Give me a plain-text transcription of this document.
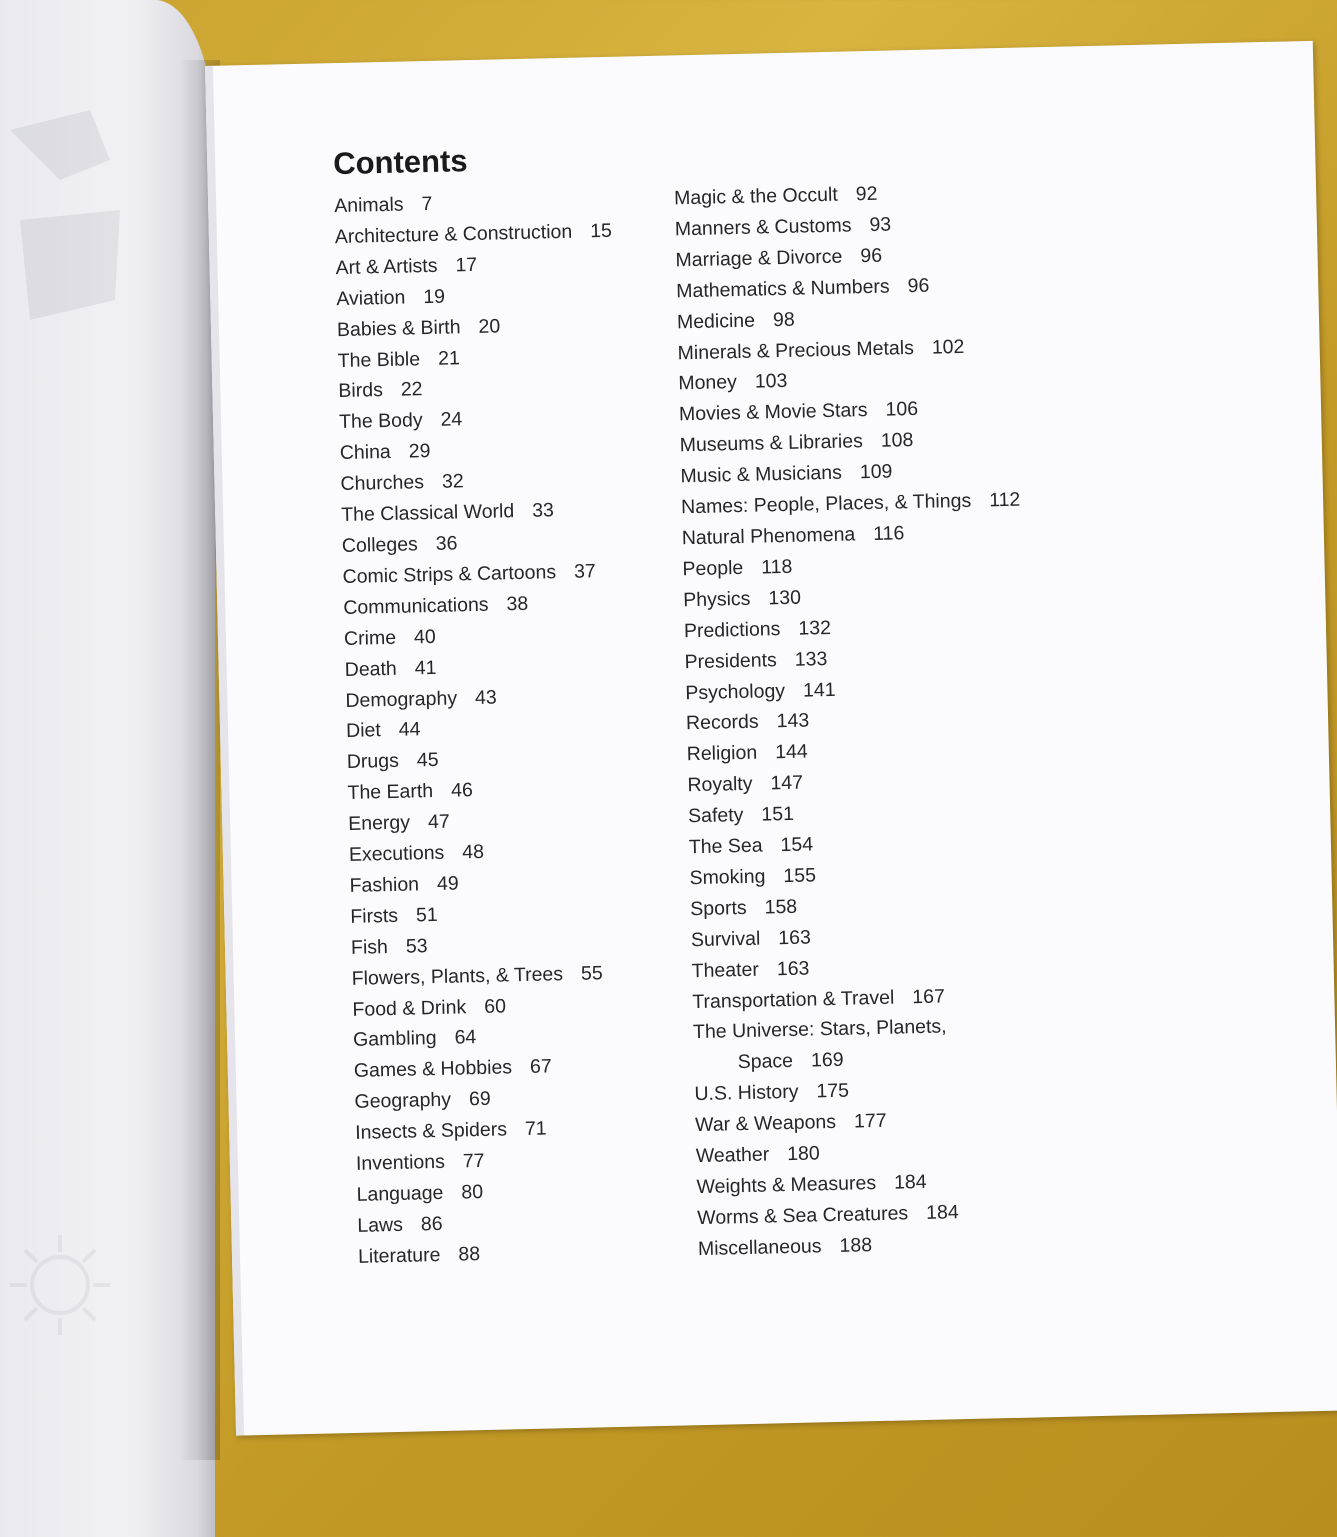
Contents
Animals 7
Architecture & Construction 15
Art & Artists 17
Aviation 19
Babies & Birth 20
The Bible 21
Birds 22
The Body 24
China 29
Churches 32
The Classical World 33
Colleges 36
Comic Strips & Cartoons 37
Communications 38
Crime 40
Death 41
Demography 43
Diet 44
Drugs 45
The Earth 46
Energy 47
Executions 48
Fashion 49
Firsts 51
Fish 53
Flowers, Plants, & Trees 55
Food & Drink 60
Gambling 64
Games & Hobbies 67
Geography 69
Insects & Spiders 71
Inventions 77
Language 80
Laws 86
Literature 88
Magic & the Occult 92
Manners & Customs 93
Marriage & Divorce 96
Mathematics & Numbers 96
Medicine 98
Minerals & Precious Metals 102
Money 103
Movies & Movie Stars 106
Museums & Libraries 108
Music & Musicians 109
Names: People, Places, & Things 112
Natural Phenomena 116
People 118
Physics 130
Predictions 132
Presidents 133
Psychology 141
Records 143
Religion 144
Royalty 147
Safety 151
The Sea 154
Smoking 155
Sports 158
Survival 163
Theater 163
Transportation & Travel 167
The Universe: Stars, Planets,
Space 169
U.S. History 175
War & Weapons 177
Weather 180
Weights & Measures 184
Worms & Sea Creatures 184
Miscellaneous 188
